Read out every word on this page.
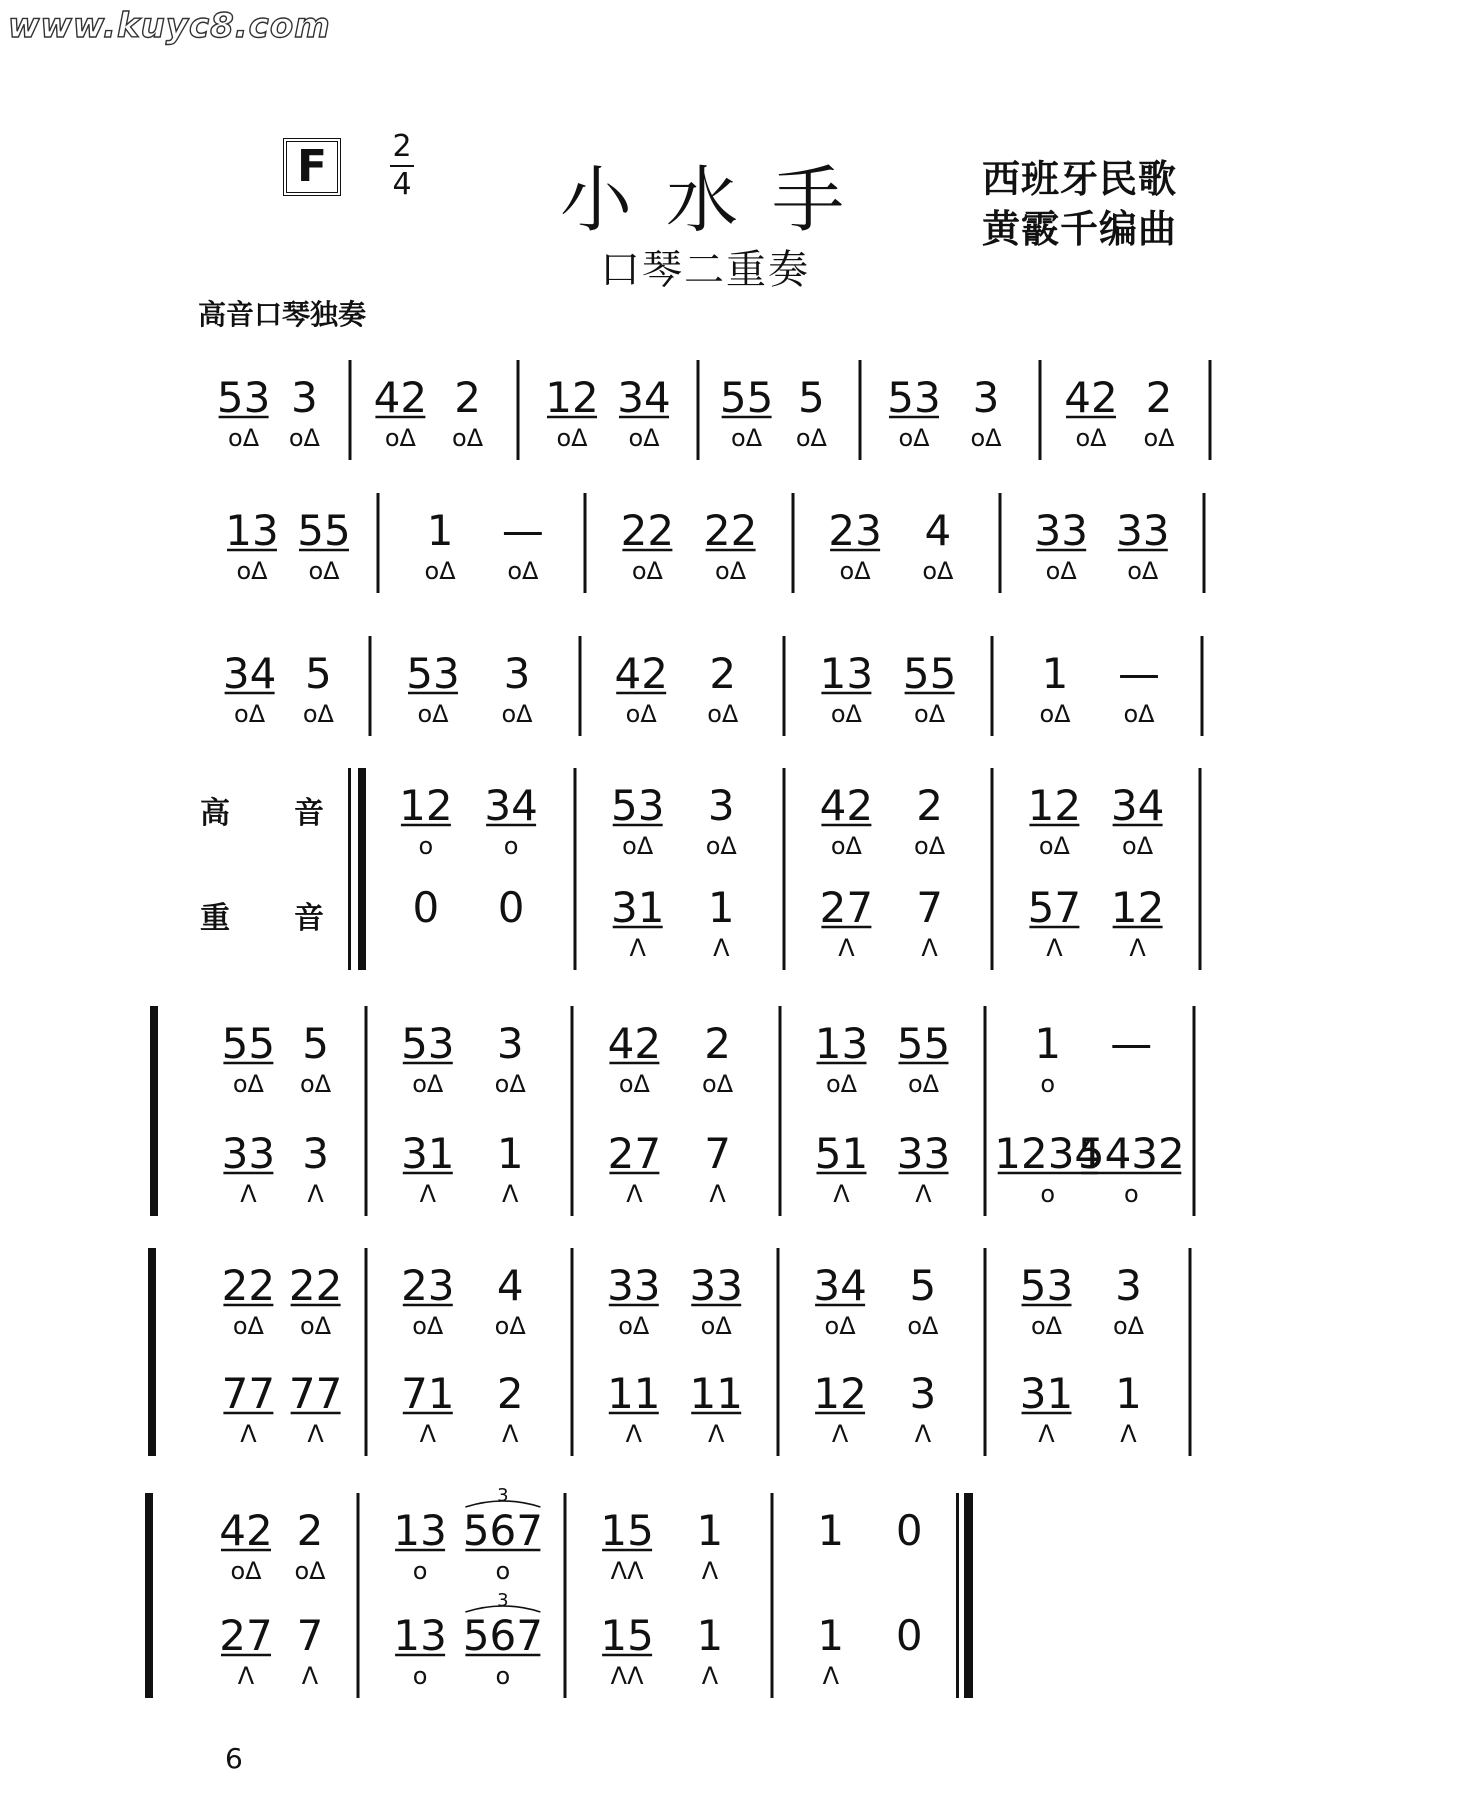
www.kuyc8.com
F	2
4 小水手
口琴二重奏
西班牙民歌
黄霰千编曲
高音口琴独奏
高 音
重 音
53
oΔ
3
oΔ
42
oΔ
2
oΔ
12
oΔ
34
oΔ
55
oΔ
5
oΔ
53
oΔ
3
oΔ
42
oΔ
2
oΔ
13
oΔ
55
oΔ
1
oΔ
—
oΔ
22
oΔ
22
oΔ
23
oΔ
4
oΔ
33
oΔ
33
oΔ
34
oΔ
5
oΔ
53
oΔ
3
oΔ
42
oΔ
2
oΔ
13
oΔ
55
oΔ
1
oΔ
—
oΔ
12
o
34
o
0 0
53
oΔ
3
oΔ
31
Λ
1
Λ
42
oΔ
2
oΔ
27
Λ
7
Λ
12
oΔ
34
oΔ
57
Λ
12
Λ
55
oΔ
5
oΔ
33
Λ
3
Λ
53
oΔ
3
oΔ
31
Λ
1
Λ
42
oΔ
2
oΔ
27
Λ
7
Λ
13
oΔ
55
oΔ
51
Λ
33
Λ
1
o
—
1234
o
5432
o
22
oΔ
22
oΔ
77
Λ
77
Λ
23
oΔ
4
oΔ
71
Λ
2
Λ
33
oΔ
33
oΔ
11
Λ
11
Λ
34
oΔ
5
oΔ
12
Λ
3
Λ
53
oΔ
3
oΔ
31
Λ
1
Λ
42
oΔ
2
oΔ
27
Λ
7
Λ
13
o
567
o
3
13
o
567
o
3
15
ΛΛ
1
Λ
15
ΛΛ
1
Λ
1 0
1
Λ
0
6
